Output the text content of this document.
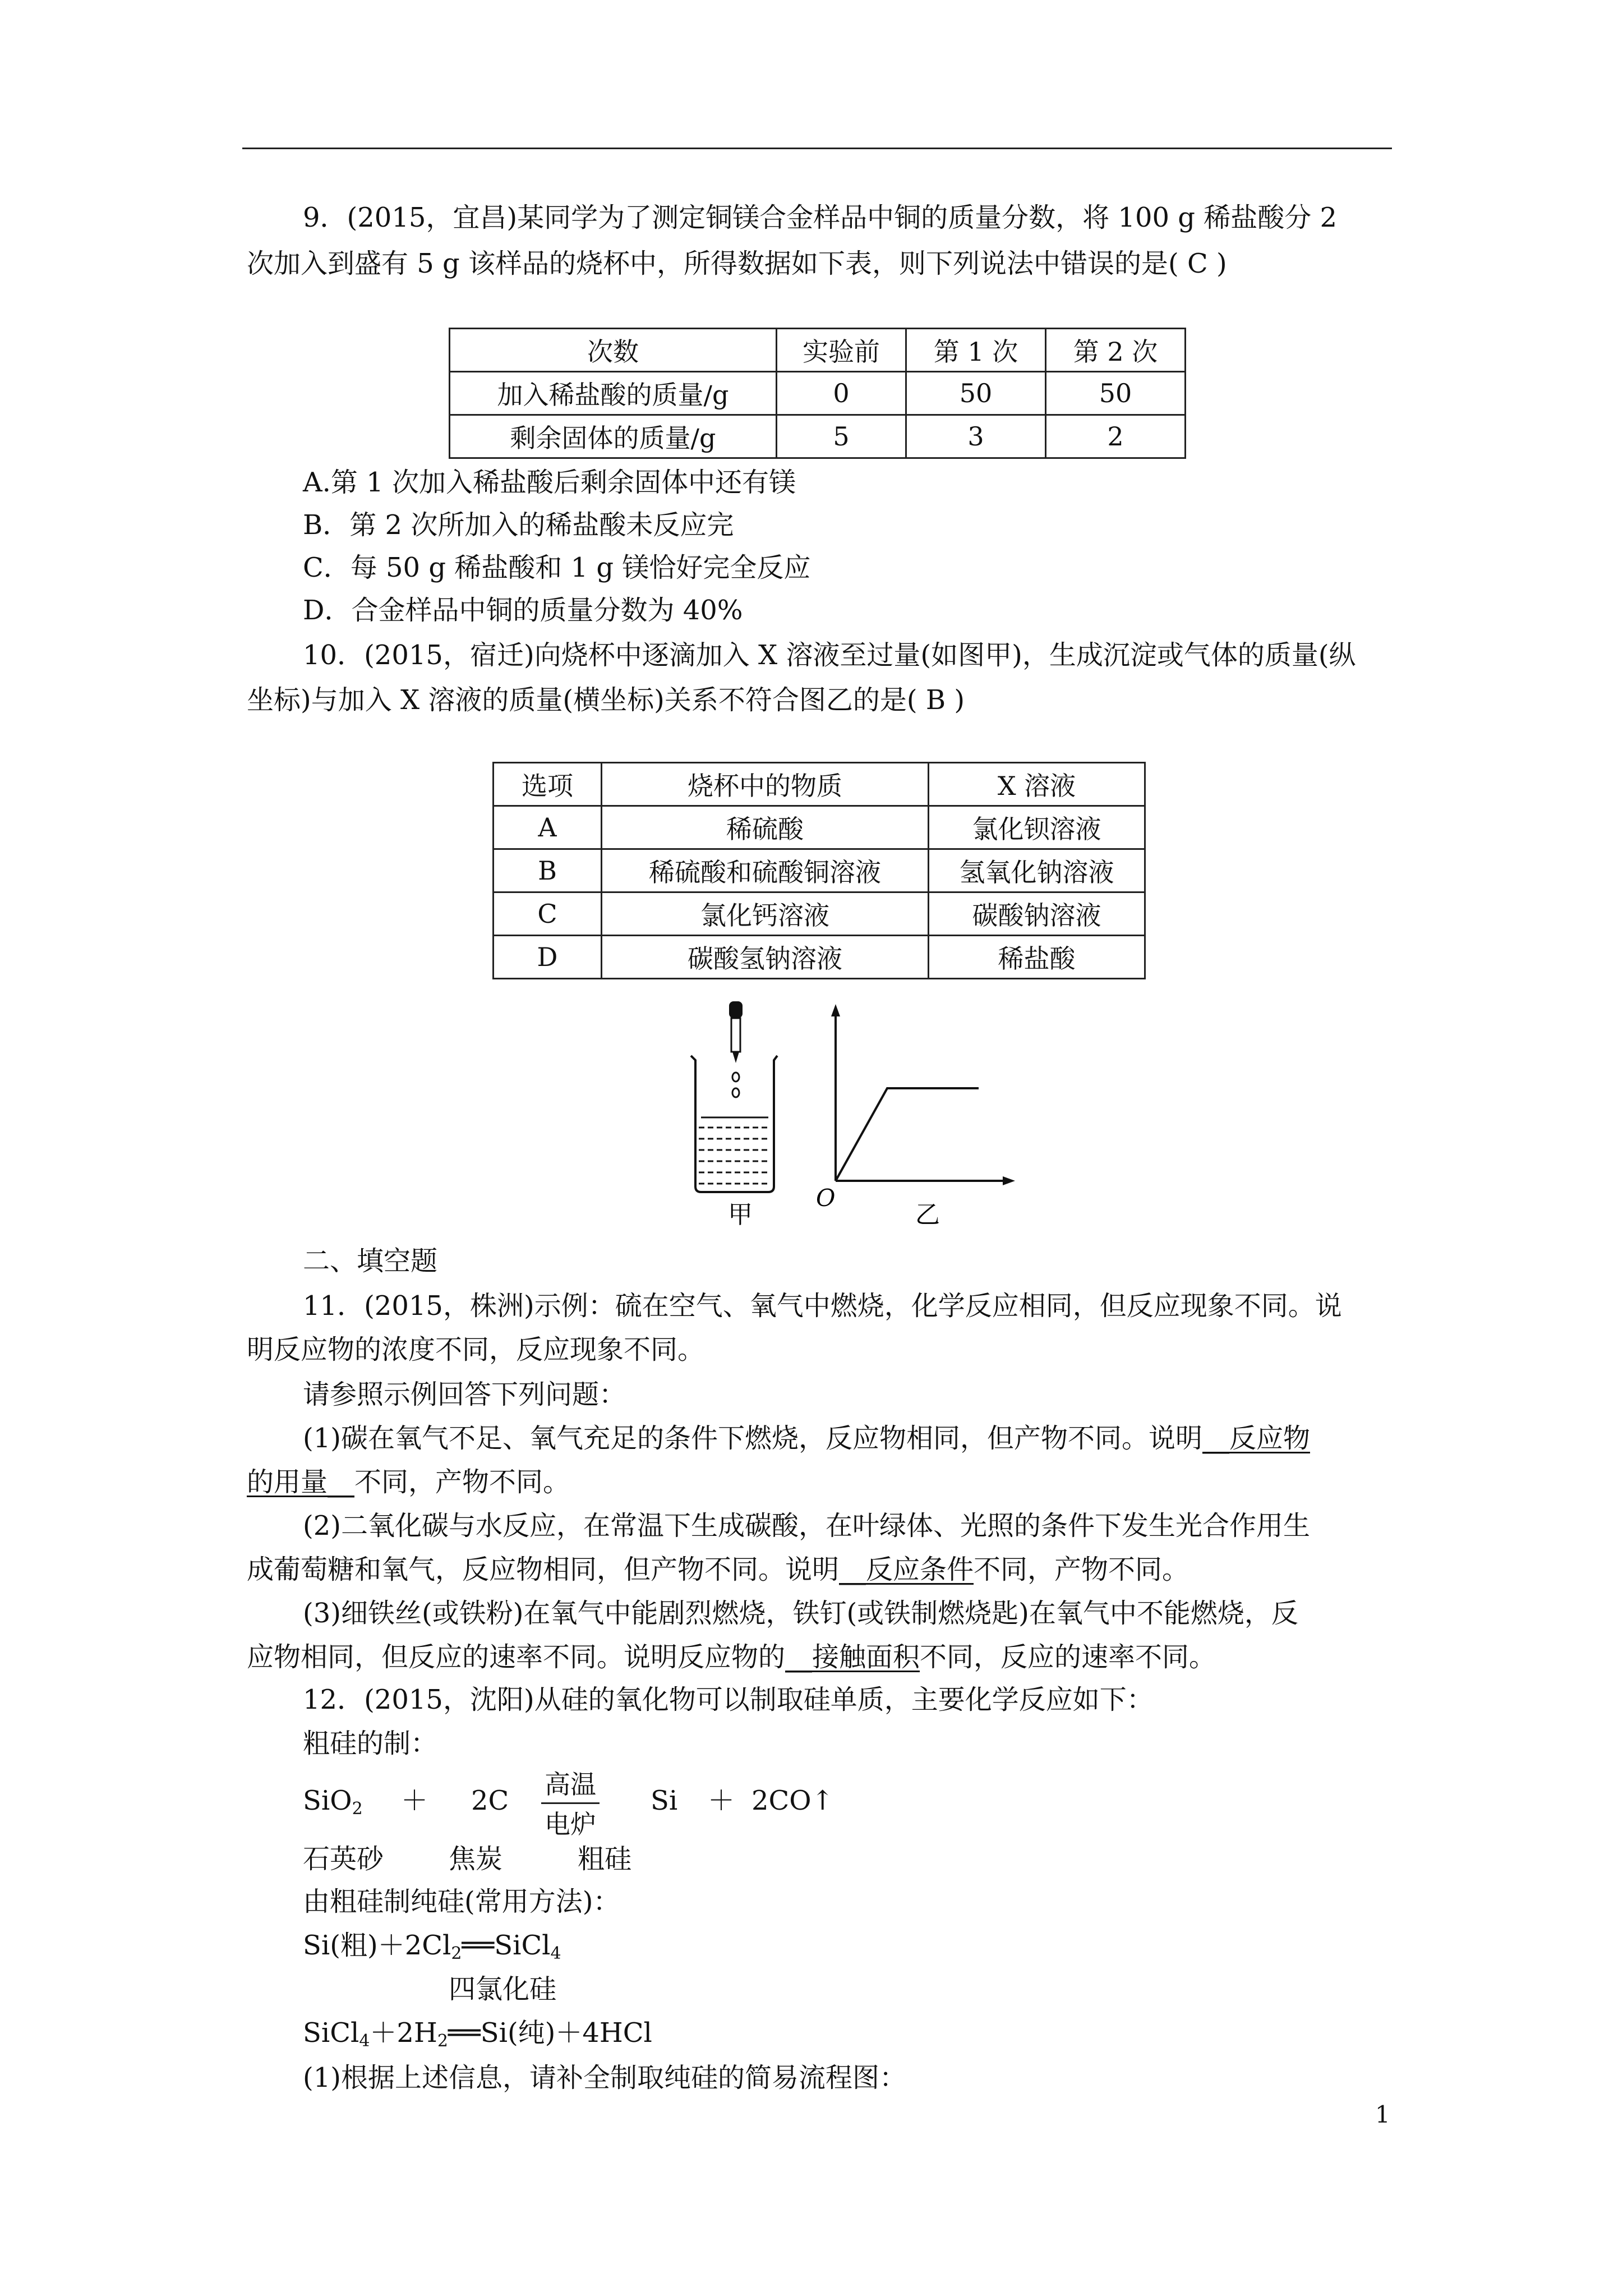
9．(2015，宜昌)某同学为了测定铜镁合金样品中铜的质量分数，将 100 g 稀盐酸分 2
次加入到盛有 5 g 该样品的烧杯中，所得数据如下表，则下列说法中错误的是( C )
次数	实验前	第 1 次	第 2 次
加入稀盐酸的质量/g	0	50	50
剩余固体的质量/g	5	3	2
A.第 1 次加入稀盐酸后剩余固体中还有镁
B．第 2 次所加入的稀盐酸未反应完
C．每 50 g 稀盐酸和 1 g 镁恰好完全反应
D．合金样品中铜的质量分数为 40%
10．(2015，宿迁)向烧杯中逐滴加入 X 溶液至过量(如图甲)，生成沉淀或气体的质量(纵
坐标)与加入 X 溶液的质量(横坐标)关系不符合图乙的是( B )
选项	烧杯中的物质	X 溶液
A	稀硫酸	氯化钡溶液
B	稀硫酸和硫酸铜溶液	氢氧化钠溶液
C	氯化钙溶液	碳酸钠溶液
D	碳酸氢钠溶液	稀盐酸
甲
O
乙
二、填空题
11．(2015，株洲)示例：硫在空气、氧气中燃烧，化学反应相同，但反应现象不同。说
明反应物的浓度不同，反应现象不同。
请参照示例回答下列问题：
(1)碳在氧气不足、氧气充足的条件下燃烧，反应物相同，但产物不同。说明__反应物
的用量__不同，产物不同。
(2)二氧化碳与水反应，在常温下生成碳酸，在叶绿体、光照的条件下发生光合作用生
成葡萄糖和氧气，反应物相同，但产物不同。说明__反应条件不同，产物不同。
(3)细铁丝(或铁粉)在氧气中能剧烈燃烧，铁钉(或铁制燃烧匙)在氧气中不能燃烧，反
应物相同，但反应的速率不同。说明反应物的__接触面积不同，反应的速率不同。
12．(2015，沈阳)从硅的氧化物可以制取硅单质，主要化学反应如下：
粗硅的制：
SiO$_2$ ＋ 2C
高温
电炉
Si ＋ 2CO↑
石英砂 焦炭	粗硅
由粗硅制纯硅(常用方法)：
Si(粗)$+2Cl_2══SiCl_4$
四氯化硅
$SiCl_4+2H_2══Si$(纯)＋4HCl
(1)根据上述信息，请补全制取纯硅的简易流程图：
1
